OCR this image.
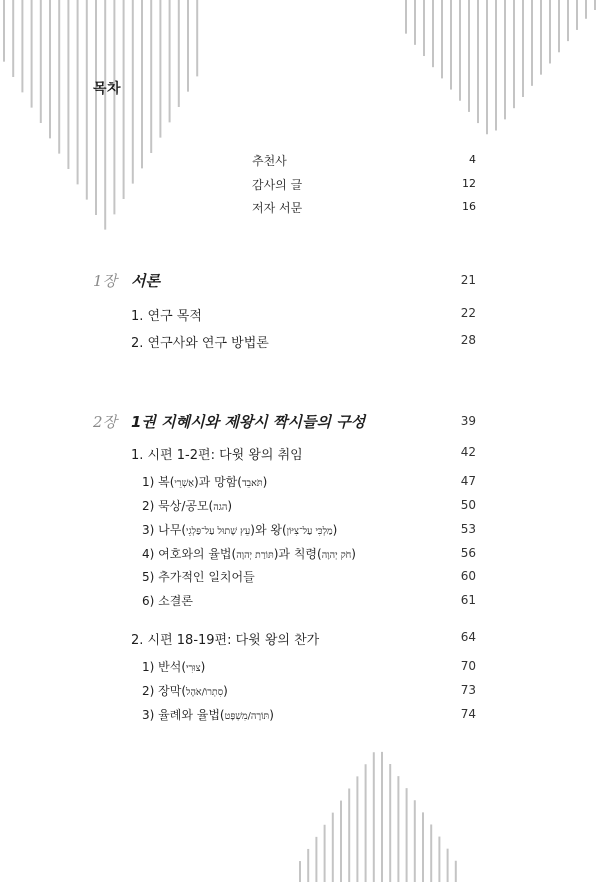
목차
추천사	4
감사의 글	12
저자 서문	16
1장 서론	21
1. 연구 목적	22
2. 연구사와 연구 방법론	28
2장 1권 지혜시와 제왕시 짝시들의 구성	39
1. 시편 1-2편: 다윗 왕의 취임	42
1) 복(אַשְׁרֵי)과 망함(תֹּאבֵד)	47
2) 묵상/공모(הגה)	50
3) 나무(עֵץ שָׁתוּל עַל־פַּלְגֵי)와 왕(מַלְכִּי עַל־צִיּוֹן)	53
4) 여호와의 율법(תּוֹרַת יְהוָה)과 칙령(חֹק יְהוָה)	56
5) 추가적인 일치어들	60
6) 소결론	61
2. 시편 18-19편: 다윗 왕의 찬가	64
1) 반석(צוּרִי)	70
2) 장막(סִתְרוֹ/אֹהֶל)	73
3) 율례와 율법(תּוֹרָה/מִשְׁפָּט)	74
